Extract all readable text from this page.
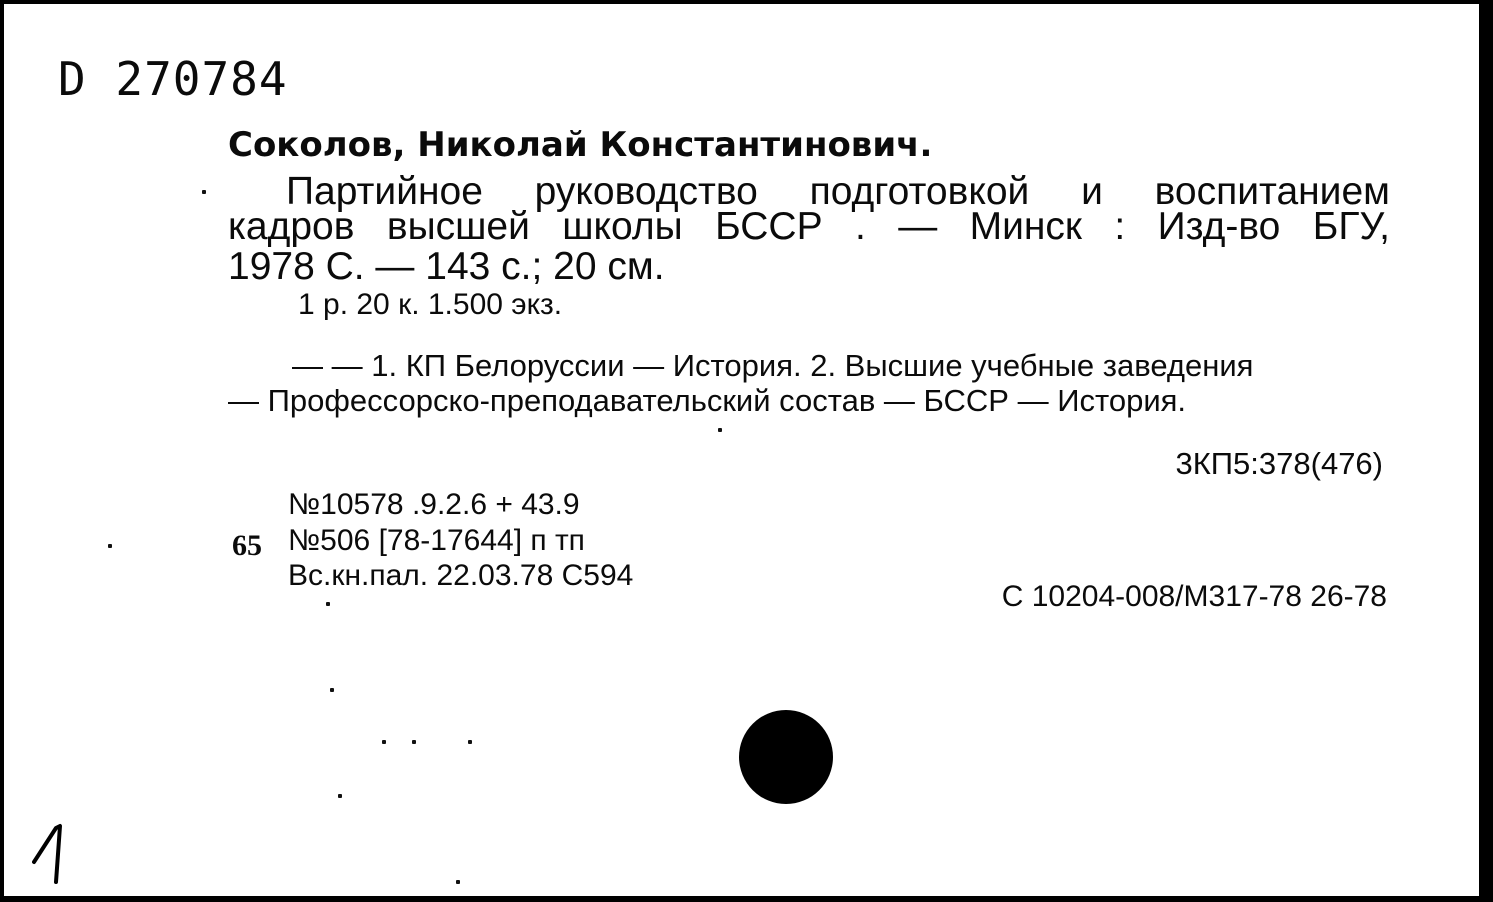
D 270784
Соколов, Николай Константинович.
Партийное руководство подготовкой и воспитанием
кадров высшей школы БССР . — Минск : Изд-во БГУ,
1978 С. — 143 с.; 20 см.
1 р. 20 к. 1.500 экз.
— — 1. КП Белоруссии — История. 2. Высшие учебные заведения
— Профессорско-преподавательский состав — БССР — История.
3КП5:378(476)
№10578 .9.2.6 + 43.9
65 №506 [78-17644] п тп
Вс.кн.пал. 22.03.78 С594
С 10204-008/М317-78 26-78
